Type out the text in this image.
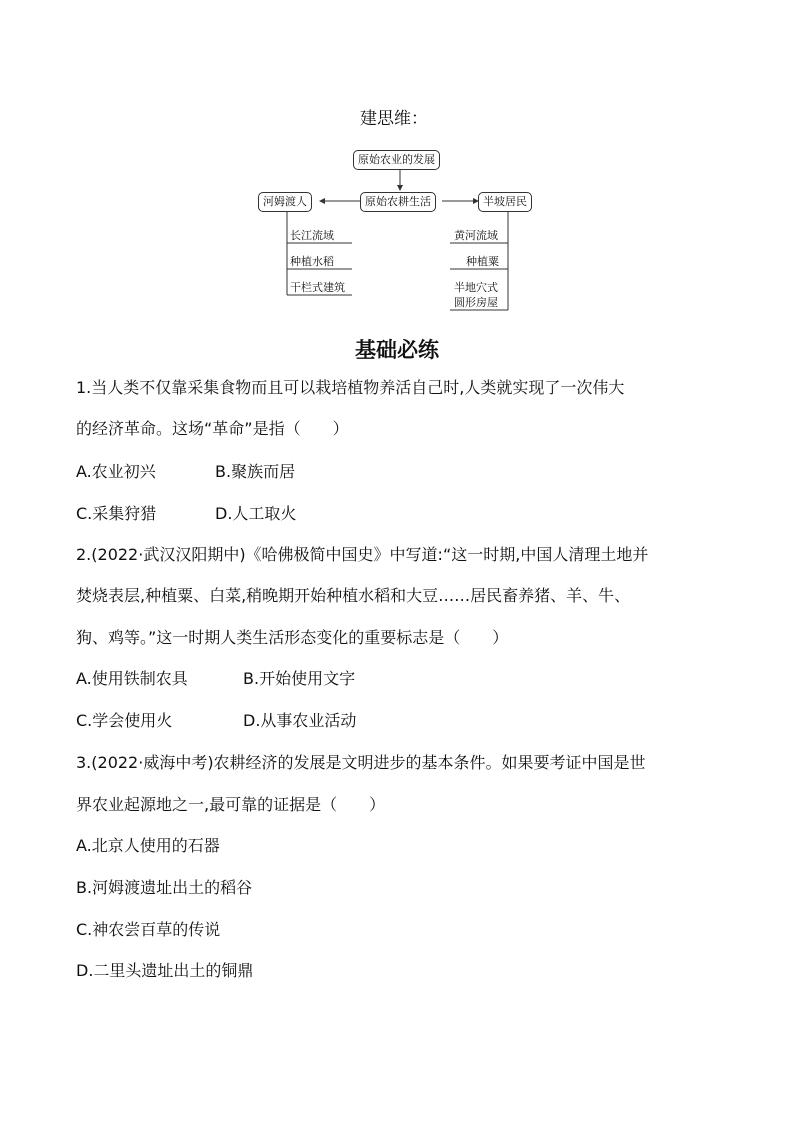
建思维：
原始农业的发展
原始农耕生活
河姆渡人	半坡居民
长江流域
种植水稻
干栏式建筑
黄河流域
种植粟
半地穴式
圆形房屋
基础必练
1.当人类不仅靠采集食物而且可以栽培植物养活自己时,人类就实现了一次伟大
的经济革命。这场“革命”是指（　　）
A.农业初兴	B.聚族而居
C.采集狩猎	D.人工取火
2.(2022·武汉汉阳期中)《哈佛极简中国史》中写道:“这一时期,中国人清理土地并
焚烧表层,种植粟、白菜,稍晚期开始种植水稻和大豆……居民畜养猪、羊、牛、
狗、鸡等。”这一时期人类生活形态变化的重要标志是（　　）
A.使用铁制农具	B.开始使用文字
C.学会使用火	D.从事农业活动
3.(2022·威海中考)农耕经济的发展是文明进步的基本条件。如果要考证中国是世
界农业起源地之一,最可靠的证据是（　　）
A.北京人使用的石器
B.河姆渡遗址出土的稻谷
C.神农尝百草的传说
D.二里头遗址出土的铜鼎
